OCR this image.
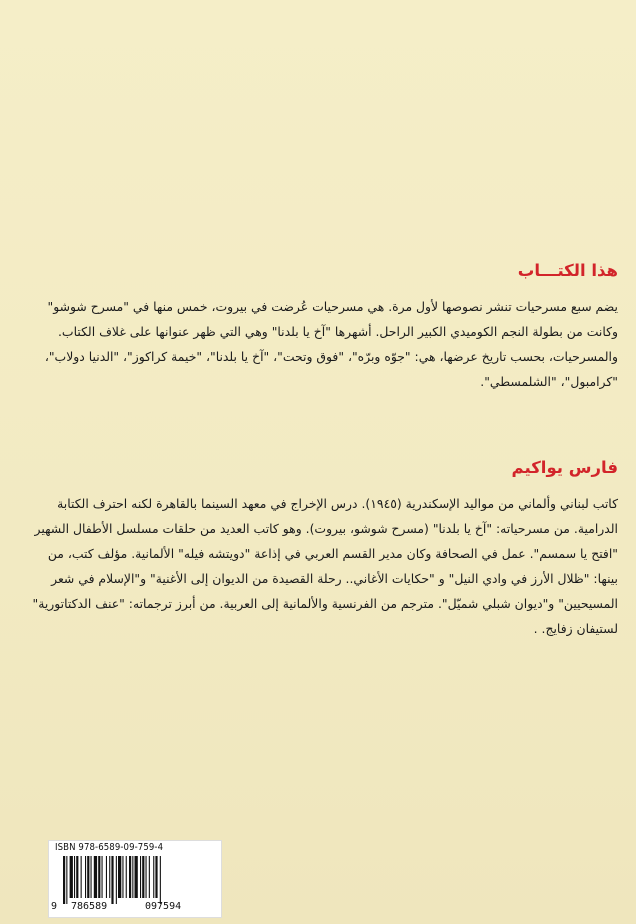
هذا الكتـــاب

يضم سبع مسرحيات تنشر نصوصها لأول مرة. هي مسرحيات عُرضت في بيروت، خمس منها في "مسرح شوشو"

وكانت من بطولة النجم الكوميدي الكبير الراحل. أشهرها "آخ يا بلدنا" وهي التي ظهر عنوانها على غلاف الكتاب.

والمسرحيات، بحسب تاريخ عرضها، هي: "جوّه وبرّه"، "فوق وتحت"، "آخ يا بلدنا"، "خيمة كراكوز"، "الدنيا دولاب"،

"كرامبول"، "الشلمسطي".

فارس يواكيم

كاتب لبناني وألماني من مواليد الإسكندرية (١٩٤٥). درس الإخراج في معهد السينما بالقاهرة لكنه احترف الكتابة

الدرامية. من مسرحياته: "آخ يا بلدنا" (مسرح شوشو، بيروت). وهو كاتب العديد من حلقات مسلسل الأطفال الشهير

"افتح يا سمسم". عمل في الصحافة وكان مدير القسم العربي في إذاعة "دويتشه فيله" الألمانية. مؤلف كتب، من

بينها: "ظلال الأرز في وادي النيل" و "حكايات الأغاني.. رحلة القصيدة من الديوان إلى الأغنية" و"الإسلام في شعر

المسيحيين" و"ديوان شبلي شميّل". مترجم من الفرنسية والألمانية إلى العربية. من أبرز ترجماته: "عنف الدكتاتورية"

لستيفان زفايج. .

ISBN 978-6589-09-759-4
9 786589	097594
